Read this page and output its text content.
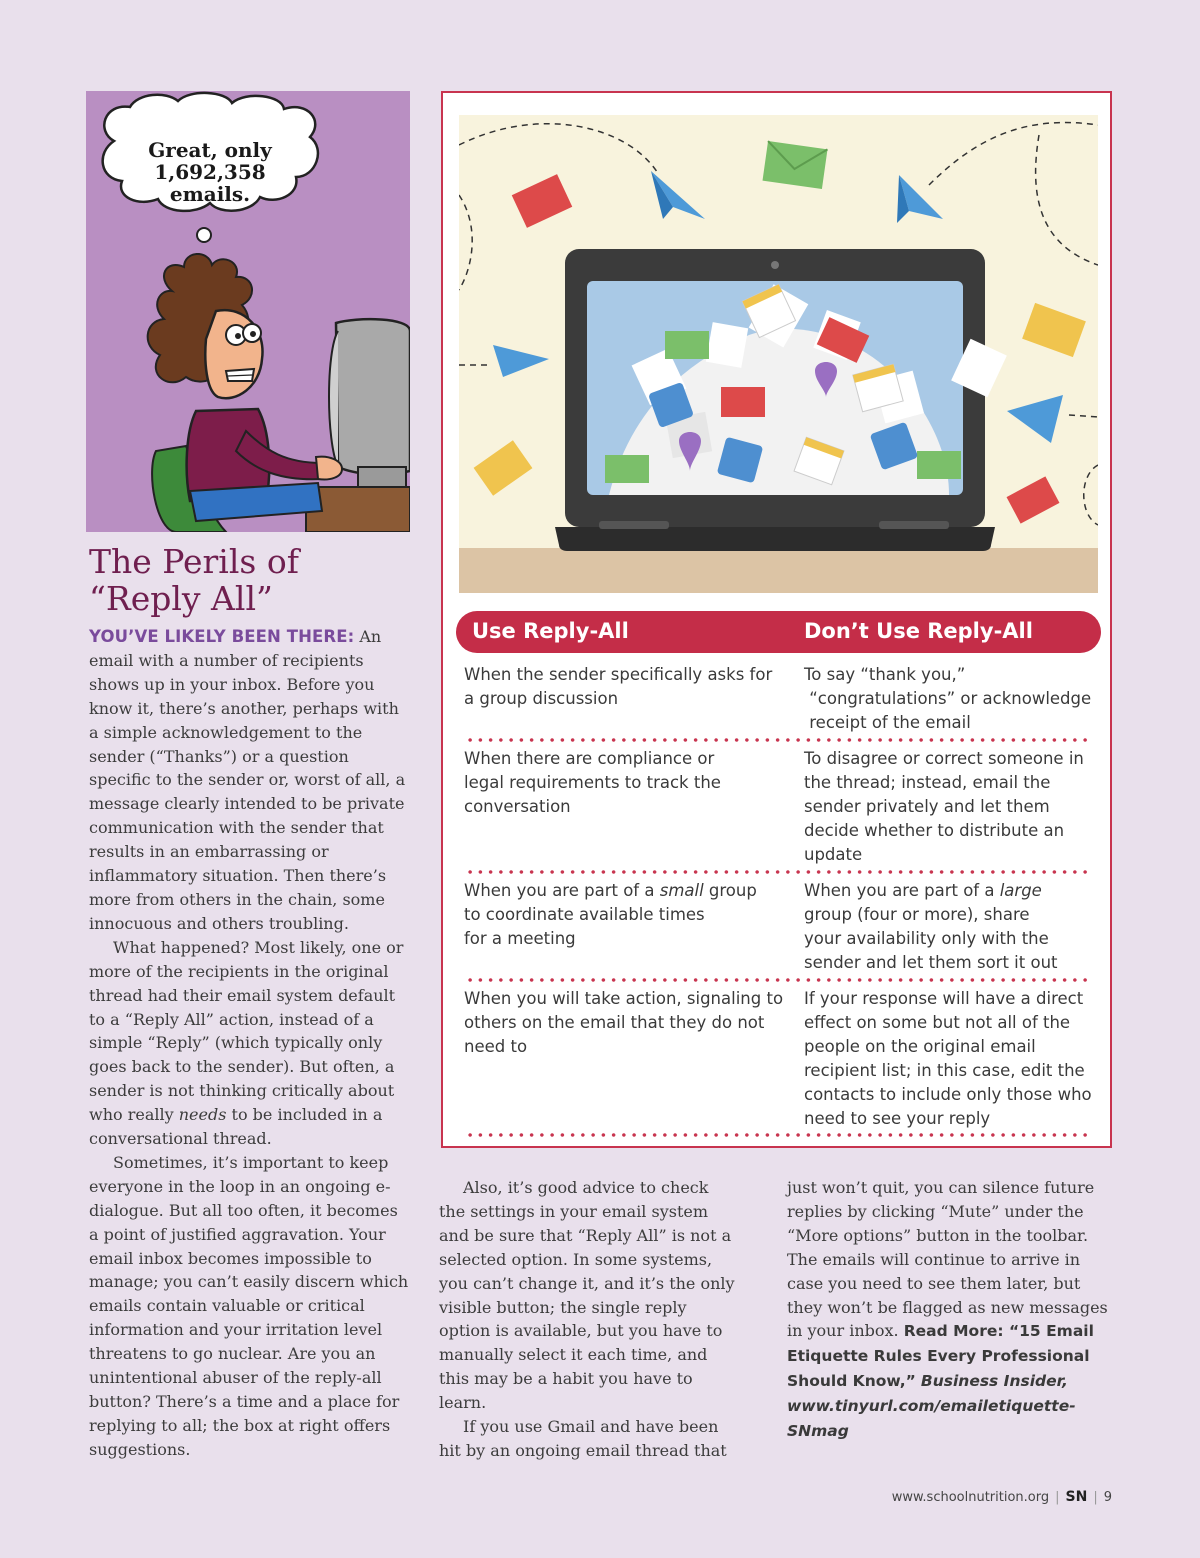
Great, only
1,692,358
emails.
The Perils of
“Reply All”

YOU’VE LIKELY BEEN THERE: An email with a number of recipients shows up in your inbox. Before you know it, there’s another, perhaps with a simple acknowledgement to the sender (“Thanks”) or a question specific to the sender or, worst of all, a message clearly intended to be private communication with the sender that results in an embarrassing or inflammatory situation. Then there’s more from others in the chain, some innocuous and others troubling.

What happened? Most likely, one or more of the recipients in the original thread had their email system default to a “Reply All” action, instead of a simple “Reply” (which typically only goes back to the sender). But often, a sender is not thinking critically about who really needs to be included in a conversational thread.

Sometimes, it’s important to keep everyone in the loop in an ongoing e-dialogue. But all too often, it becomes a point of justified aggravation. Your email inbox becomes impossible to manage; you can’t easily discern which emails contain valuable or critical information and your irritation level threatens to go nuclear. Are you an unintentional abuser of the reply-all button? There’s a time and a place for replying to all; the box at right offers suggestions.

Also, it’s good advice to check the settings in your email system and be sure that “Reply All” is not a selected option. In some systems, you can’t change it, and it’s the only visible button; the single reply option is available, but you have to manually select it each time, and this may be a habit you have to learn.

If you use Gmail and have been hit by an ongoing email thread that

just won’t quit, you can silence future replies by clicking “Mute” under the “More options” button in the toolbar. The emails will continue to arrive in case you need to see them later, but they won’t be flagged as new messages in your inbox. Read More: “15 Email Etiquette Rules Every Professional Should Know,” Business Insider, www.tinyurl.com/emailetiquette-SNmag

Use Reply-All	Don’t Use Reply-All
When the sender specifically asks for a group discussion
To say “thank you,”
“congratulations” or acknowledge
receipt of the email
When there are compliance or
legal requirements to track the
conversation
To disagree or correct someone in the thread; instead, email the sender privately and let them decide whether to distribute an update
When you are part of a small group
to coordinate available times
for a meeting
When you are part of a large
group (four or more), share
your availability only with the
sender and let them sort it out
When you will take action, signaling to others on the email that they do not need to
If your response will have a direct effect on some but not all of the people on the original email recipient list; in this case, edit the contacts to include only those who need to see your reply
www.schoolnutrition.org | SN | 9
